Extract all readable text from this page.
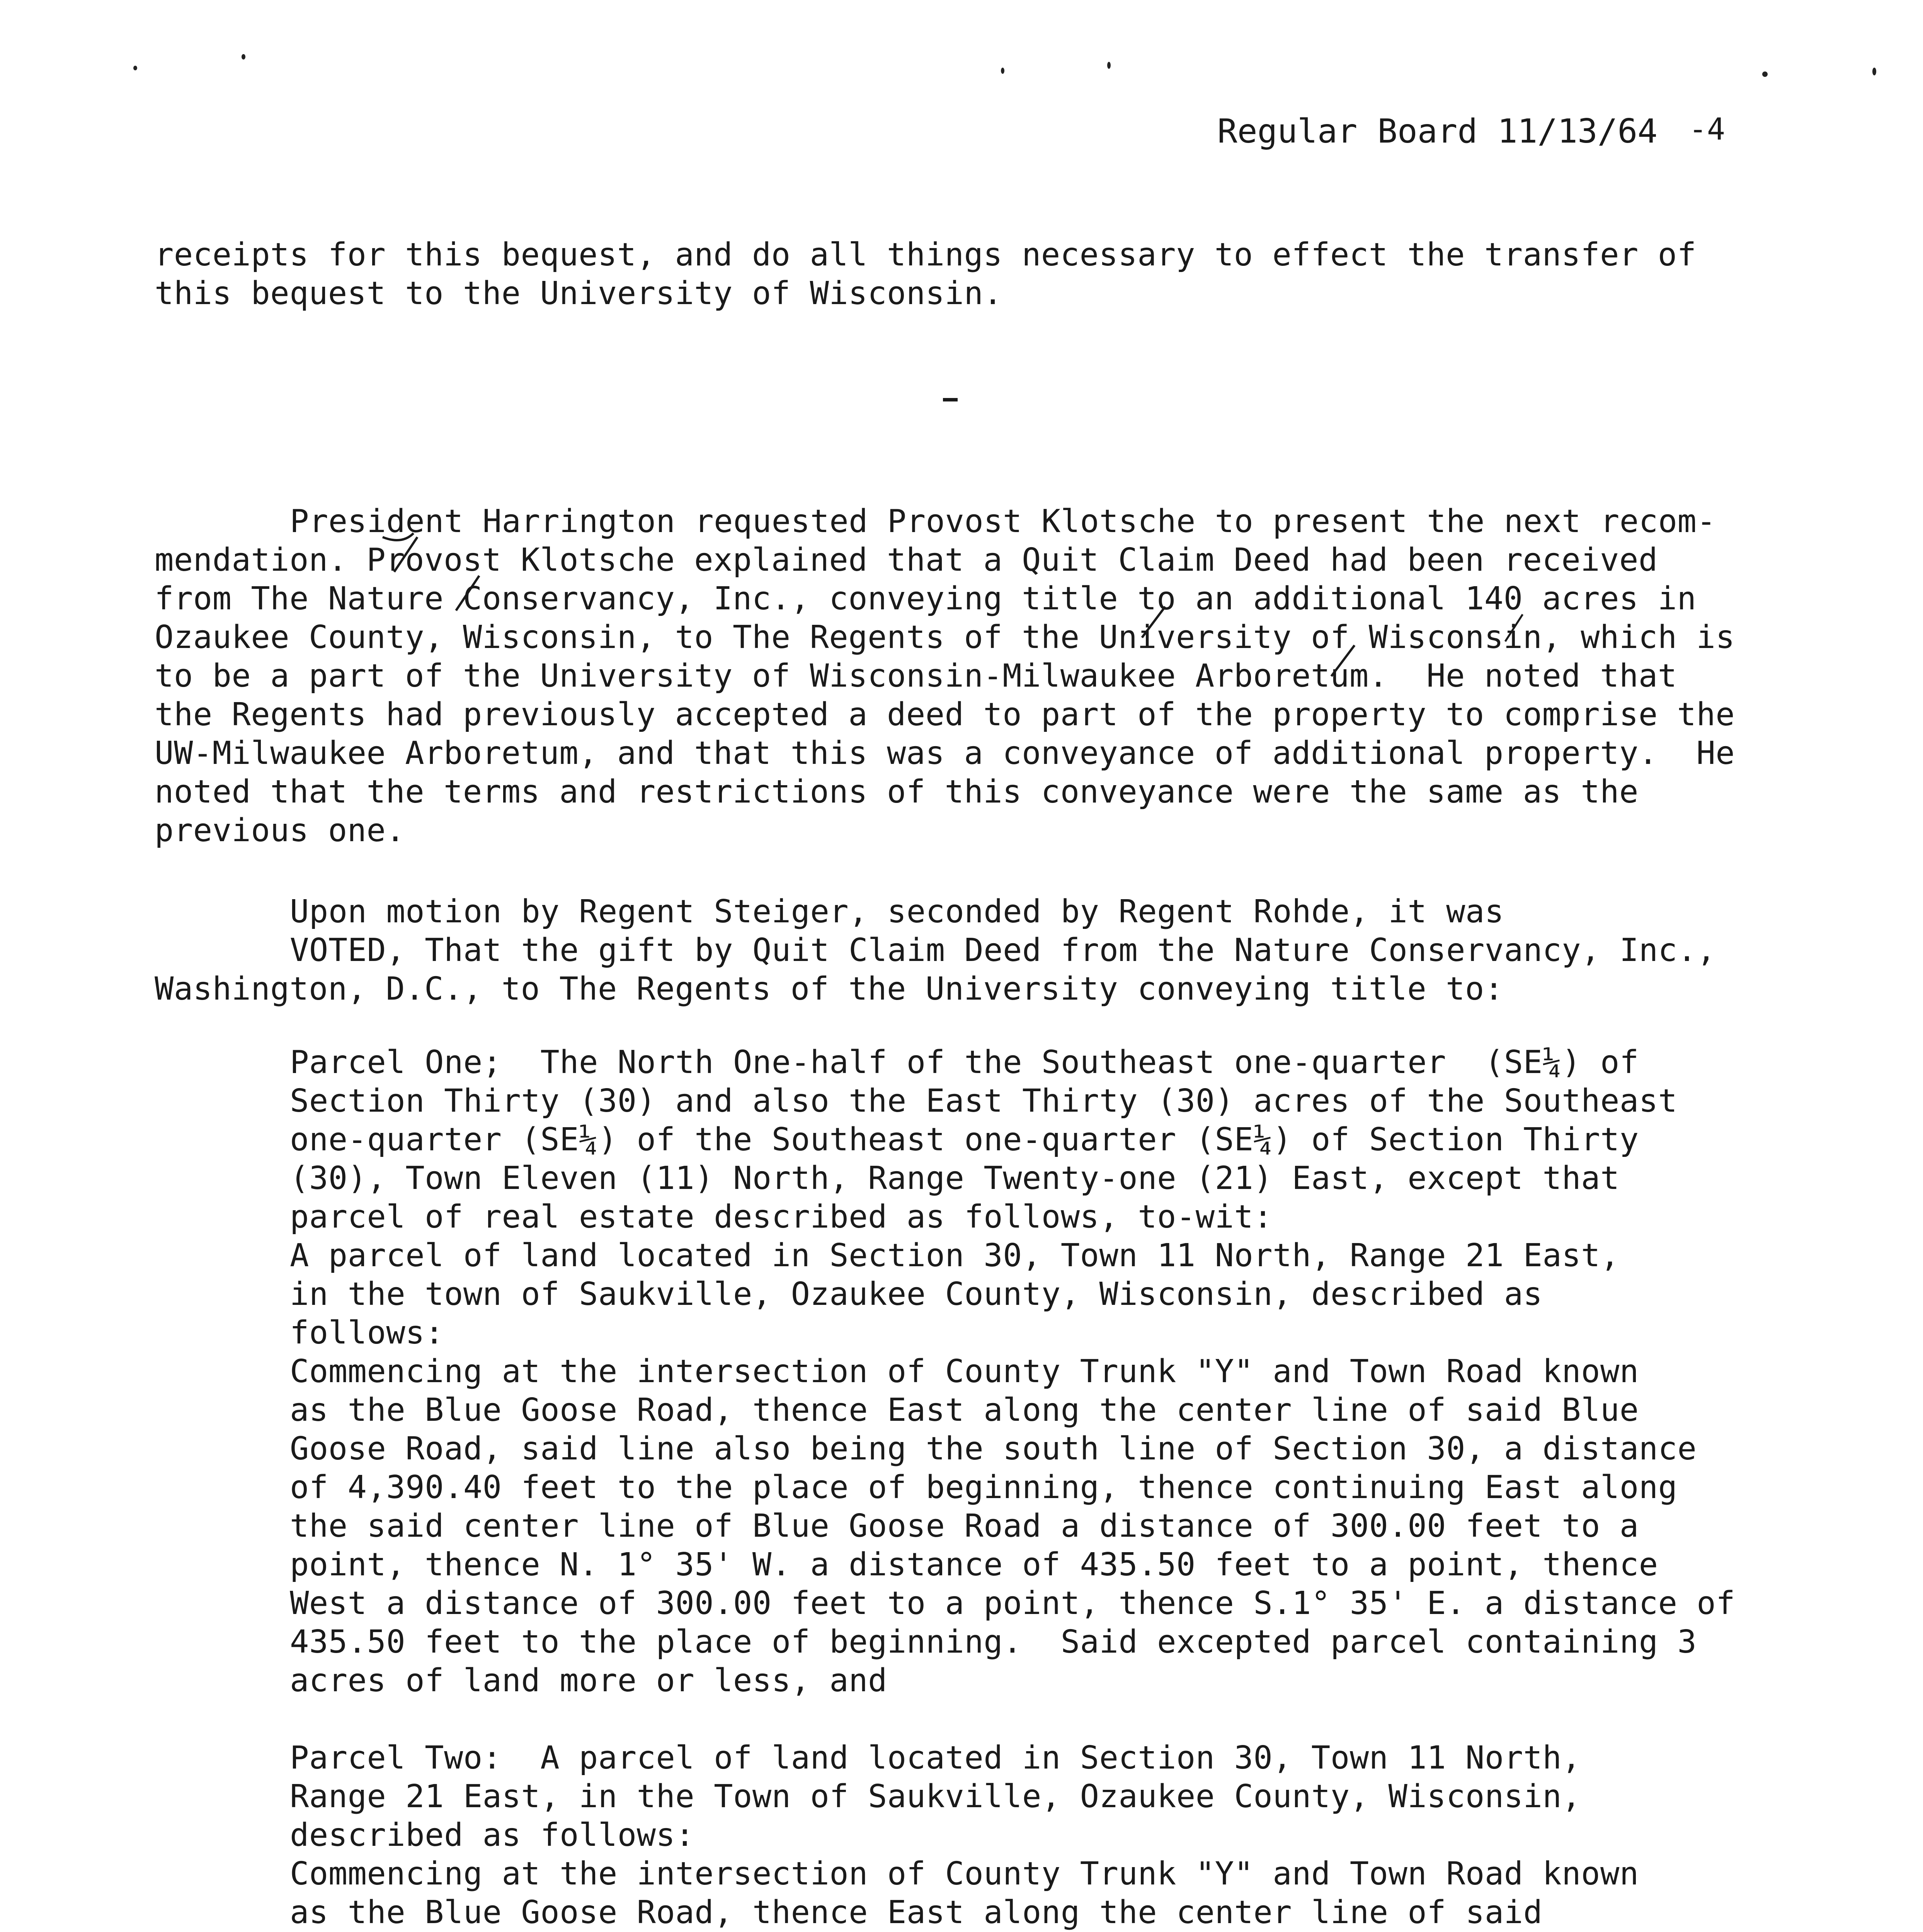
Regular Board 11/13/64 -4
receipts for this bequest, and do all things necessary to effect the transfer of
this bequest to the University of Wisconsin.
President Harrington requested Provost Klotsche to present the next recom-
mendation. Provost Klotsche explained that a Quit Claim Deed had been received
from The Nature Conservancy, Inc., conveying title to an additional 140 acres in
Ozaukee County, Wisconsin, to The Regents of the University of Wisconsin, which is
to be a part of the University of Wisconsin-Milwaukee Arboretum.  He noted that
the Regents had previously accepted a deed to part of the property to comprise the
UW-Milwaukee Arboretum, and that this was a conveyance of additional property.  He
noted that the terms and restrictions of this conveyance were the same as the
previous one.
Upon motion by Regent Steiger, seconded by Regent Rohde, it was
VOTED, That the gift by Quit Claim Deed from the Nature Conservancy, Inc.,
Washington, D.C., to The Regents of the University conveying title to:
Parcel One;  The North One-half of the Southeast one-quarter  (SE¼) of
Section Thirty (30) and also the East Thirty (30) acres of the Southeast
one-quarter (SE¼) of the Southeast one-quarter (SE¼) of Section Thirty
(30), Town Eleven (11) North, Range Twenty-one (21) East, except that
parcel of real estate described as follows, to-wit:
A parcel of land located in Section 30, Town 11 North, Range 21 East,
in the town of Saukville, Ozaukee County, Wisconsin, described as
follows:
Commencing at the intersection of County Trunk "Y" and Town Road known
as the Blue Goose Road, thence East along the center line of said Blue
Goose Road, said line also being the south line of Section 30, a distance
of 4,390.40 feet to the place of beginning, thence continuing East along
the said center line of Blue Goose Road a distance of 300.00 feet to a
point, thence N. 1° 35' W. a distance of 435.50 feet to a point, thence
West a distance of 300.00 feet to a point, thence S.1° 35' E. a distance of
435.50 feet to the place of beginning.  Said excepted parcel containing 3
acres of land more or less, and
Parcel Two:  A parcel of land located in Section 30, Town 11 North,
Range 21 East, in the Town of Saukville, Ozaukee County, Wisconsin,
described as follows:
Commencing at the intersection of County Trunk "Y" and Town Road known
as the Blue Goose Road, thence East along the center line of said
